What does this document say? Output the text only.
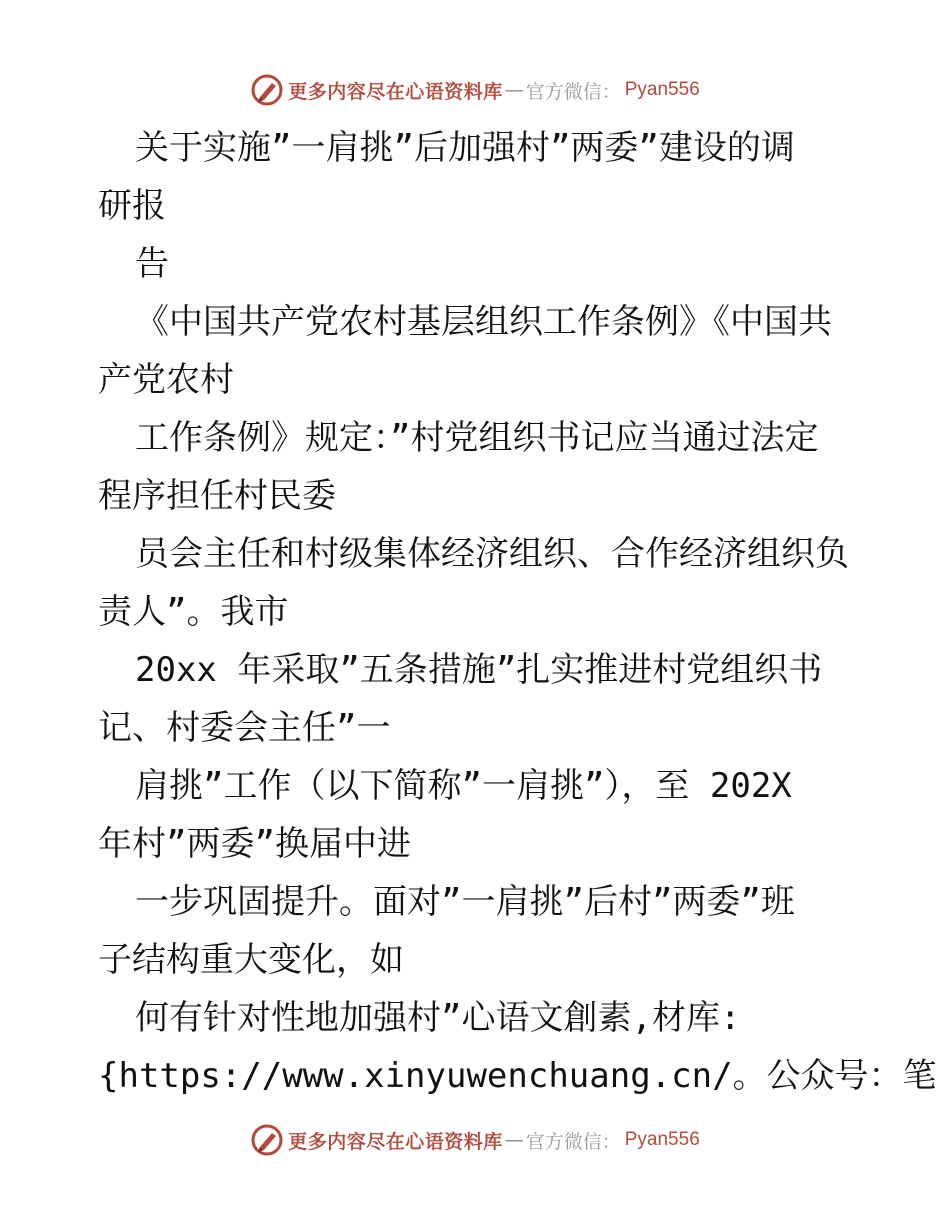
更多内容尽在心语资料库 — 官方微信： Pyan556
关于实施”一肩挑”后加强村”两委”建设的调
研报
告
《中国共产党农村基层组织工作条例》《中国共
产党农村
工作条例》规定：”村党组织书记应当通过法定
程序担任村民委
员会主任和村级集体经济组织、合作经济组织负
责人”。我市
20xx 年采取”五条措施”扎实推进村党组织书
记、村委会主任”一
肩挑”工作（以下简称”一肩挑”），至 202X
年村”两委”换届中进
一步巩固提升。面对”一肩挑”后村”两委”班
子结构重大变化，如
何有针对性地加强村”心语文創素,材库:
{https://www.xinyuwenchuang.cn/。公众号：笔
更多内容尽在心语资料库 — 官方微信： Pyan556
